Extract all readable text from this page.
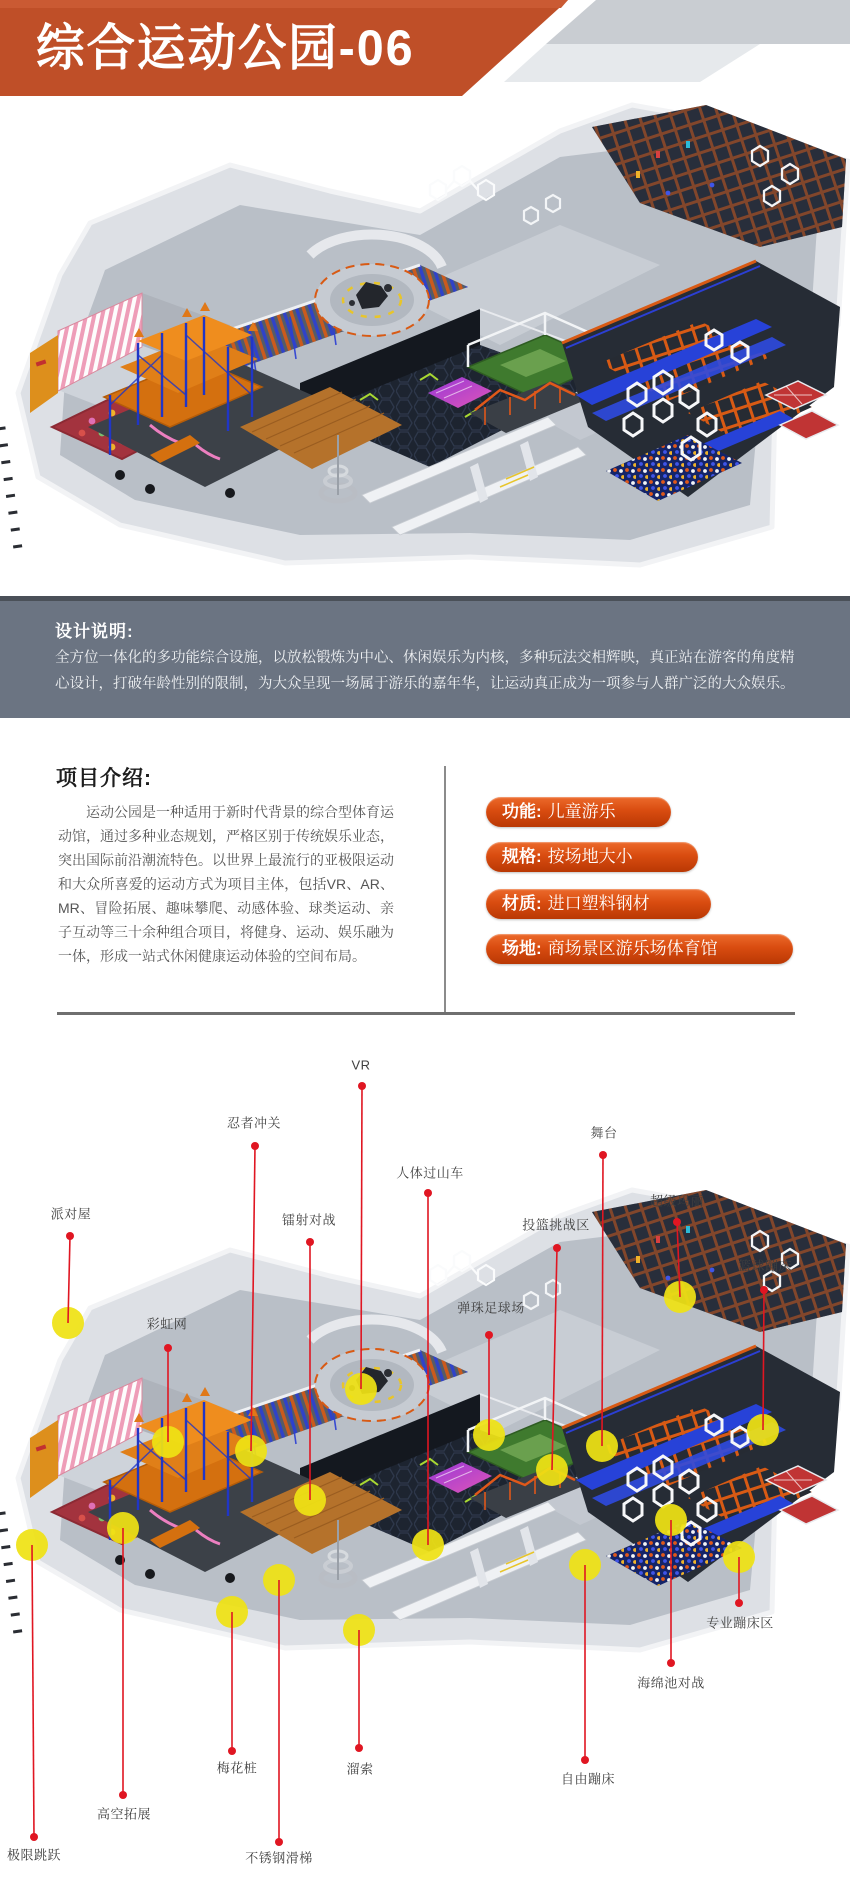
综合运动公园-06
设计说明:
全方位一体化的多功能综合设施，以放松锻炼为中心、休闲娱乐为内核，多种玩法交相辉映，真正站在游客的角度精心设计，打破年龄性别的限制，为大众呈现一场属于游乐的嘉年华，让运动真正成为一项参与人群广泛的大众娱乐。
项目介绍:
运动公园是一种适用于新时代背景的综合型体育运动馆，通过多种业态规划，严格区别于传统娱乐业态，突出国际前沿潮流特色。以世界上最流行的亚极限运动和大众所喜爱的运动方式为项目主体，包括VR、AR、MR、冒险拓展、趣味攀爬、动感体验、球类运动、亲子互动等三十余种组合项目，将健身、运动、娱乐融为一体，形成一站式休闲健康运动体验的空间布局。
功能: 儿童游乐
规格: 按场地大小
材质: 进口塑料钢材
场地: 商场景区游乐场体育馆
VR
忍者冲关
舞台
人体过山车
超级玛丽
派对屋	镭射对战	投篮挑战区
篮球蹦床
弹珠足球场
彩虹网
专业蹦床区
海绵池对战
自由蹦床
溜索
梅花桩
高空拓展
极限跳跃	不锈钢滑梯
